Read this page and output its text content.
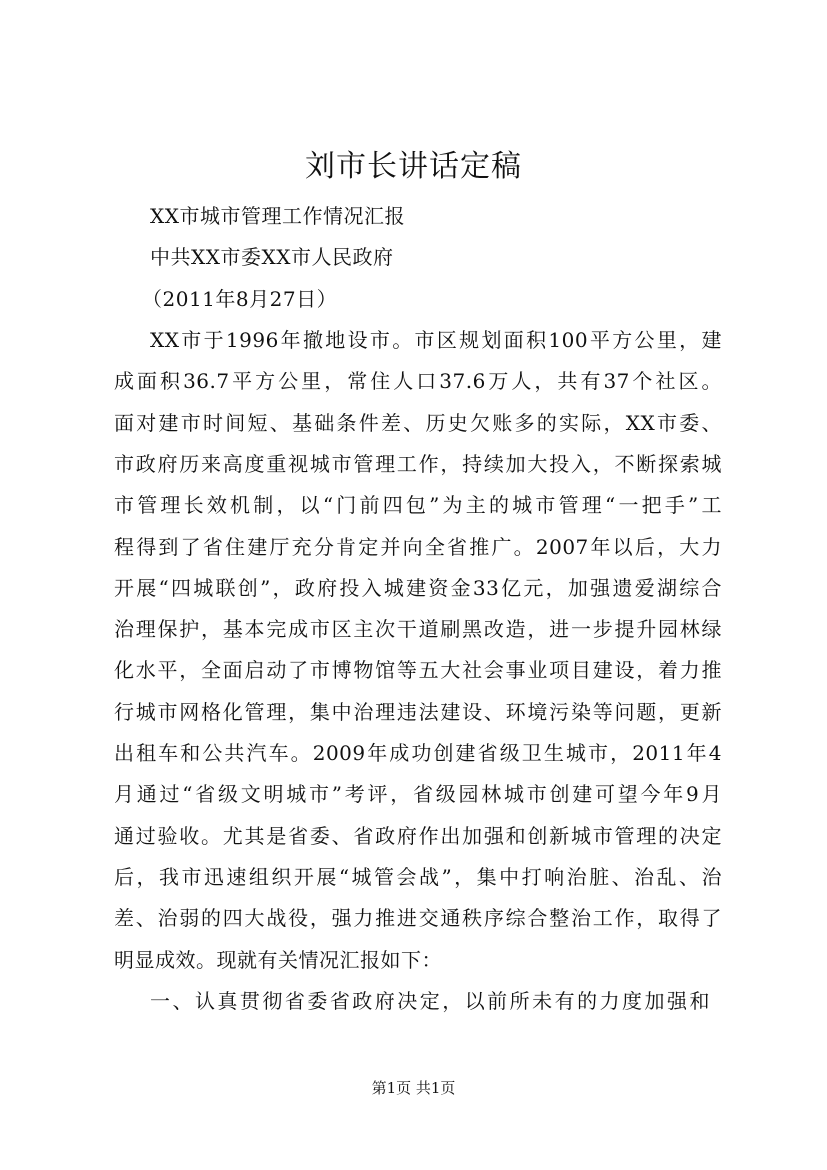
刘市长讲话定稿
XX市城市管理工作情况汇报
中共XX市委XX市人民政府
（2011年8月27日）
XX市于1996年撤地设市。市区规划面积100平方公里，建
成面积36.7平方公里，常住人口37.6万人，共有37个社区。
面对建市时间短、基础条件差、历史欠账多的实际，XX市委、
市政府历来高度重视城市管理工作，持续加大投入，不断探索城
市管理长效机制，以“门前四包”为主的城市管理“一把手”工
程得到了省住建厅充分肯定并向全省推广。2007年以后，大力
开展“四城联创”，政府投入城建资金33亿元，加强遗爱湖综合
治理保护，基本完成市区主次干道刷黑改造，进一步提升园林绿
化水平，全面启动了市博物馆等五大社会事业项目建设，着力推
行城市网格化管理，集中治理违法建设、环境污染等问题，更新
出租车和公共汽车。2009年成功创建省级卫生城市，2011年4
月通过“省级文明城市”考评，省级园林城市创建可望今年9月
通过验收。尤其是省委、省政府作出加强和创新城市管理的决定
后，我市迅速组织开展“城管会战”，集中打响治脏、治乱、治
差、治弱的四大战役，强力推进交通秩序综合整治工作，取得了
明显成效。现就有关情况汇报如下：
一、认真贯彻省委省政府决定，以前所未有的力度加强和
第1页 共1页
